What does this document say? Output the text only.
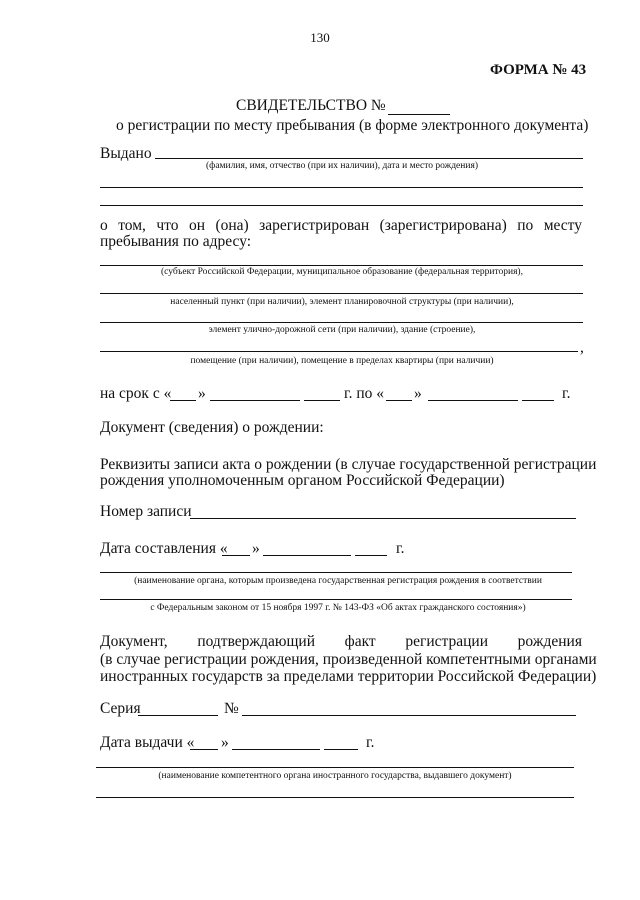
130
ФОРМА № 43
СВИДЕТЕЛЬСТВО №
о регистрации по месту пребывания (в форме электронного документа)
Выдано
(фамилия, имя, отчество (при их наличии), дата и место рождения)
о том, что он (она) зарегистрирован (зарегистрирована) по месту
пребывания по адресу:
(субъект Российской Федерации, муниципальное образование (федеральная территория),
населенный пункт (при наличии), элемент планировочной структуры (при наличии),
элемент улично-дорожной сети (при наличии), здание (строение),
,
помещение (при наличии), помещение в пределах квартиры (при наличии)
на срок с « »	г. по « »	г.
Документ (сведения) о рождении:
Реквизиты записи акта о рождении (в случае государственной регистрации
рождения уполномоченным органом Российской Федерации)
Номер записи
Дата составления « »	г.
(наименование органа, которым произведена государственная регистрация рождения в соответствии
с Федеральным законом от 15 ноября 1997 г. № 143-ФЗ «Об актах гражданского состояния»)
Документ, подтверждающий факт регистрации рождения
(в случае регистрации рождения, произведенной компетентными органами
иностранных государств за пределами территории Российской Федерации)
Серия	№
Дата выдачи « »	г.
(наименование компетентного органа иностранного государства, выдавшего документ)
